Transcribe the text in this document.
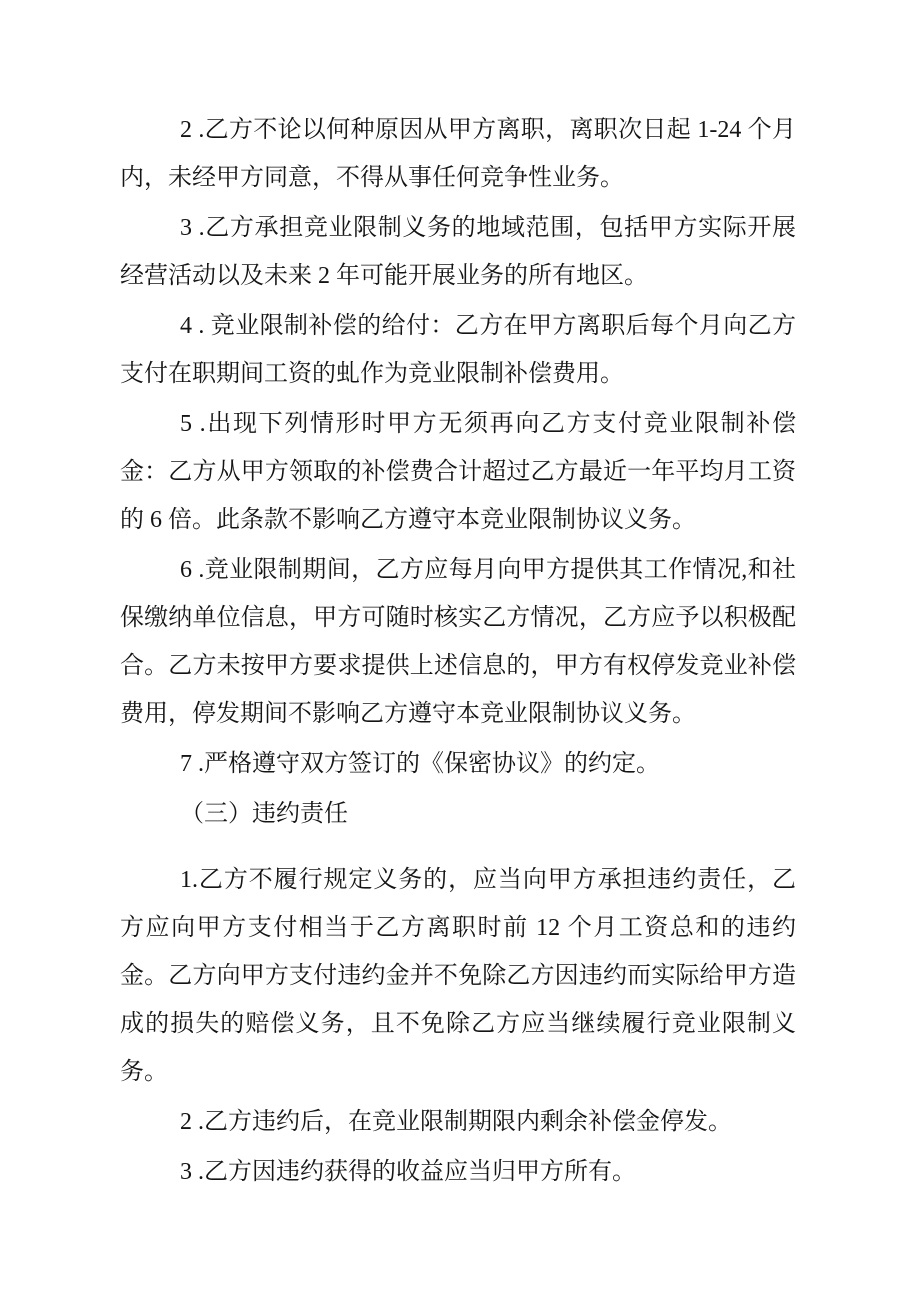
2 .乙方不论以何种原因从甲方离职，离职次日起 1-24 个月内，未经甲方同意，不得从事任何竞争性业务。

3 .乙方承担竞业限制义务的地域范围，包括甲方实际开展经营活动以及未来 2 年可能开展业务的所有地区。

4 . 竞业限制补偿的给付：乙方在甲方离职后每个月向乙方支付在职期间工资的虬作为竞业限制补偿费用。

5 .出现下列情形时甲方无须再向乙方支付竞业限制补偿金：乙方从甲方领取的补偿费合计超过乙方最近一年平均月工资的 6 倍。此条款不影响乙方遵守本竞业限制协议义务。

6 .竞业限制期间，乙方应每月向甲方提供其工作情况,和社保缴纳单位信息，甲方可随时核实乙方情况，乙方应予以积极配合。乙方未按甲方要求提供上述信息的，甲方有权停发竞业补偿费用，停发期间不影响乙方遵守本竞业限制协议义务。

7 .严格遵守双方签订的《保密协议》的约定。

（三）违约责任

1.乙方不履行规定义务的，应当向甲方承担违约责任，乙方应向甲方支付相当于乙方离职时前 12 个月工资总和的违约金。乙方向甲方支付违约金并不免除乙方因违约而实际给甲方造成的损失的赔偿义务，且不免除乙方应当继续履行竞业限制义务。

2 .乙方违约后，在竞业限制期限内剩余补偿金停发。

3 .乙方因违约获得的收益应当归甲方所有。
